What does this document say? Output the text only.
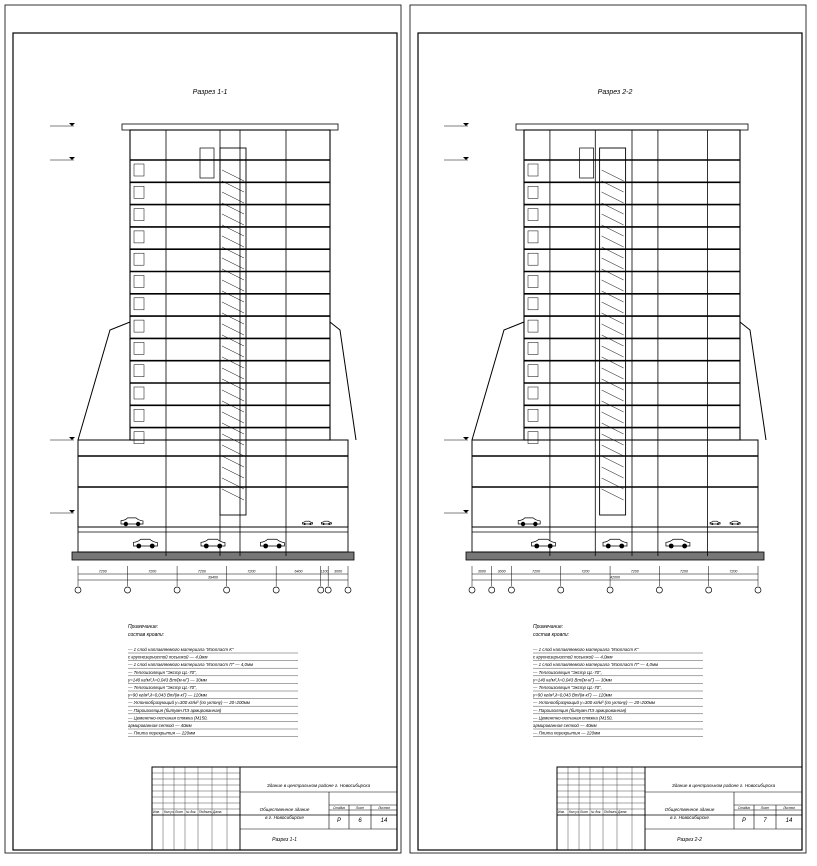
Разрез 1-1
Примечание:
состав кровли:
— 1 слой наплавляемого материала "Изопласт К"
с крупнозернистой посыпкой — 4,0мм
— 1 слой наплавляемого материала "Изопласт П" — 4,0мм
— Теплоизоляция "Экстр ЦL-70",
γ=140 кг/м³,λ=0,043 Вт/(м·кГ) — 30мм
— Теплоизоляция "Экстр ЦL-70",
γ=90 кг/м³,λ=0,043 Вт/(м·кГ) — 120мм
— Уклонообразующий γ=300 кг/м³ (по уклону) — 20÷200мм
— Пароизоляция (битумн.ПЭ армированная)
— Цементно-песчаная стяжка (М150,
армированная сеткой — 40мм
— Плита перекрытия — 220мм
Изм. Кол.уч. Лист № док. Подпись Дата
Здание в центральном районе г. Новосибирска
Общественное здание
в г. Новосибирске
Стадия	Лист	Листов
Р	6	14
Разрез 1-1
7200	7200	7200	7200	6400	1100 3000
39400
Разрез 2-2
Примечание:
состав кровли:
— 1 слой наплавляемого материала "Изопласт К"
с крупнозернистой посыпкой — 4,0мм
— 1 слой наплавляемого материала "Изопласт П" — 4,0мм
— Теплоизоляция "Экстр ЦL-70",
γ=140 кг/м³,λ=0,043 Вт/(м·кГ) — 30мм
— Теплоизоляция "Экстр ЦL-70",
γ=90 кг/м³,λ=0,043 Вт/(м·кГ) — 120мм
— Уклонообразующий γ=300 кг/м³ (по уклону) — 20÷200мм
— Пароизоляция (битумн.ПЭ армированная)
— Цементно-песчаная стяжка (М150,
армированная сеткой — 40мм
— Плита перекрытия — 220мм
Изм. Кол.уч. Лист № док. Подпись Дата
Здание в центральном районе г. Новосибирска
Общественное здание
в г. Новосибирске
Стадия	Лист	Листов
Р	7	14
Разрез 2-2
3000	3000	7200	7200	7200	7200	7200
42000
